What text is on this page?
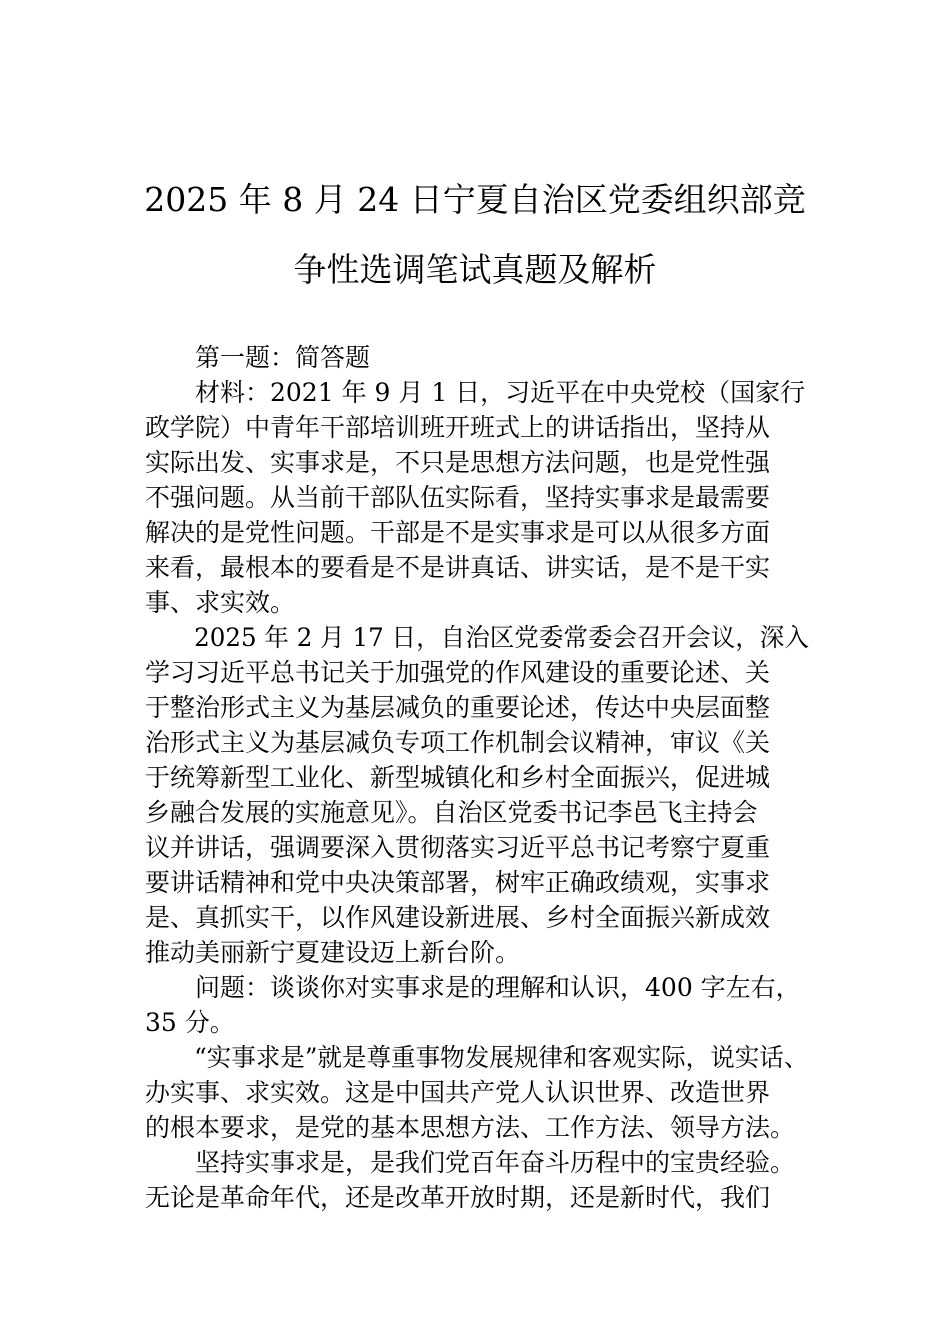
2025 年 8 月 24 日宁夏自治区党委组织部竞
争性选调笔试真题及解析

第一题：简答题

材料：2021 年 9 月 1 日，习近平在中央党校（国家行

政学院）中青年干部培训班开班式上的讲话指出，坚持从

实际出发、实事求是，不只是思想方法问题，也是党性强

不强问题。从当前干部队伍实际看，坚持实事求是最需要

解决的是党性问题。干部是不是实事求是可以从很多方面

来看，最根本的要看是不是讲真话、讲实话，是不是干实

事、求实效。

2025 年 2 月 17 日，自治区党委常委会召开会议，深入

学习习近平总书记关于加强党的作风建设的重要论述、关

于整治形式主义为基层减负的重要论述，传达中央层面整

治形式主义为基层减负专项工作机制会议精神，审议《关

于统筹新型工业化、新型城镇化和乡村全面振兴，促进城

乡融合发展的实施意见》。自治区党委书记李邑飞主持会

议并讲话，强调要深入贯彻落实习近平总书记考察宁夏重

要讲话精神和党中央决策部署，树牢正确政绩观，实事求

是、真抓实干，以作风建设新进展、乡村全面振兴新成效

推动美丽新宁夏建设迈上新台阶。

问题：谈谈你对实事求是的理解和认识，400 字左右，

35 分。

“实事求是”就是尊重事物发展规律和客观实际，说实话、

办实事、求实效。这是中国共产党人认识世界、改造世界

的根本要求，是党的基本思想方法、工作方法、领导方法。

坚持实事求是，是我们党百年奋斗历程中的宝贵经验。

无论是革命年代，还是改革开放时期，还是新时代，我们
